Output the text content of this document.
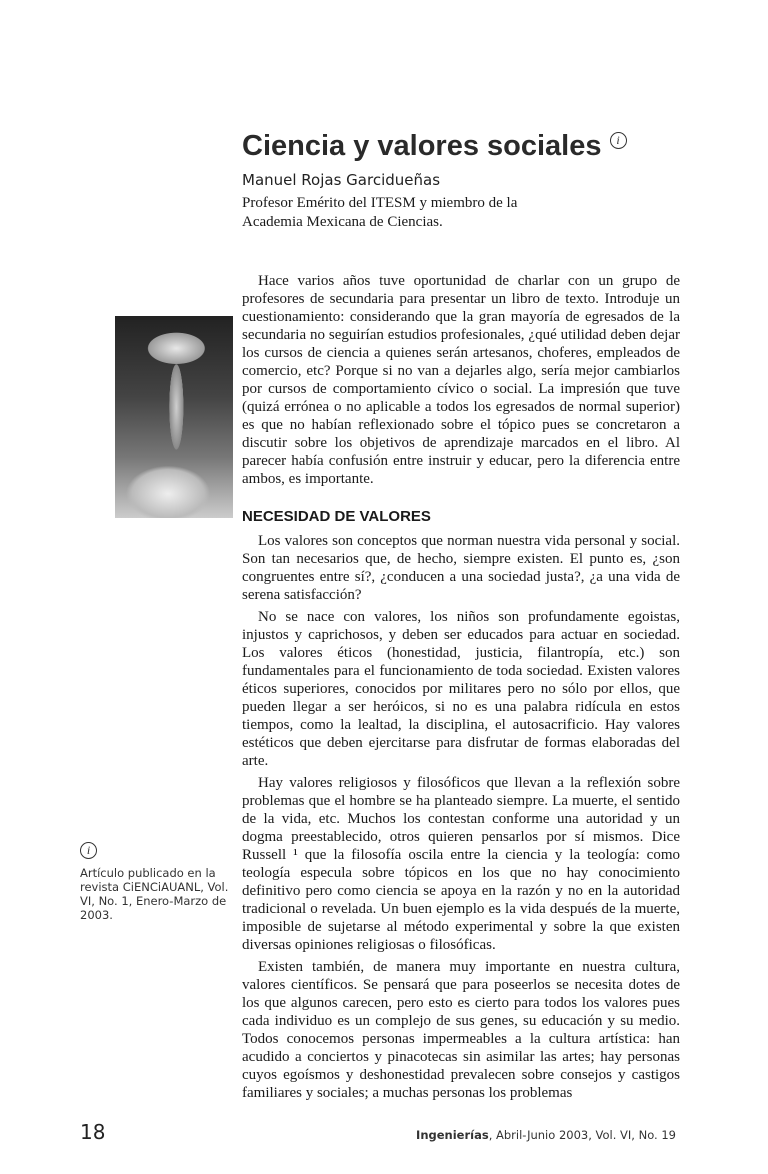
i
Artículo publicado en la revista CiENCiAUANL, Vol. VI, No. 1, Enero-Marzo de 2003.
Ciencia y valores sociales i
Manuel Rojas Garcidueñas
Profesor Emérito del ITESM y miembro de la
Academia Mexicana de Ciencias.

Hace varios años tuve oportunidad de charlar con un grupo de profesores de secundaria para presentar un libro de texto. Introduje un cuestionamiento: considerando que la gran mayoría de egresados de la secundaria no seguirían estudios profesionales, ¿qué utilidad deben dejar los cursos de ciencia a quienes serán artesanos, choferes, empleados de comercio, etc? Porque si no van a dejarles algo, sería mejor cambiarlos por cursos de comportamiento cívico o social. La impresión que tuve (quizá errónea o no aplicable a todos los egresados de normal superior) es que no habían reflexionado sobre el tópico pues se concretaron a discutir sobre los objetivos de aprendizaje marcados en el libro. Al parecer había confusión entre instruir y educar, pero la diferencia entre ambos, es importante.

NECESIDAD DE VALORES

Los valores son conceptos que norman nuestra vida personal y social. Son tan necesarios que, de hecho, siempre existen. El punto es, ¿son congruentes entre sí?, ¿conducen a una sociedad justa?, ¿a una vida de serena satisfacción?

No se nace con valores, los niños son profundamente egoistas, injustos y caprichosos, y deben ser educados para actuar en sociedad. Los valores éticos (honestidad, justicia, filantropía, etc.) son fundamentales para el funcionamiento de toda sociedad. Existen valores éticos superiores, conocidos por militares pero no sólo por ellos, que pueden llegar a ser heróicos, si no es una palabra ridícula en estos tiempos, como la lealtad, la disciplina, el autosacrificio. Hay valores estéticos que deben ejercitarse para disfrutar de formas elaboradas del arte.

Hay valores religiosos y filosóficos que llevan a la reflexión sobre problemas que el hombre se ha planteado siempre. La muerte, el sentido de la vida, etc. Muchos los contestan conforme una autoridad y un dogma preestablecido, otros quieren pensarlos por sí mismos. Dice Russell ¹ que la filosofía oscila entre la ciencia y la teología: como teología especula sobre tópicos en los que no hay conocimiento definitivo pero como ciencia se apoya en la razón y no en la autoridad tradicional o revelada. Un buen ejemplo es la vida después de la muerte, imposible de sujetarse al método experimental y sobre la que existen diversas opiniones religiosas o filosóficas.

Existen también, de manera muy importante en nuestra cultura, valores científicos. Se pensará que para poseerlos se necesita dotes de los que algunos carecen, pero esto es cierto para todos los valores pues cada individuo es un complejo de sus genes, su educación y su medio. Todos conocemos personas impermeables a la cultura artística: han acudido a conciertos y pinacotecas sin asimilar las artes; hay personas cuyos egoísmos y deshonestidad prevalecen sobre consejos y castigos familiares y sociales; a muchas personas los problemas

18	Ingenierías, Abril-Junio 2003, Vol. VI, No. 19
